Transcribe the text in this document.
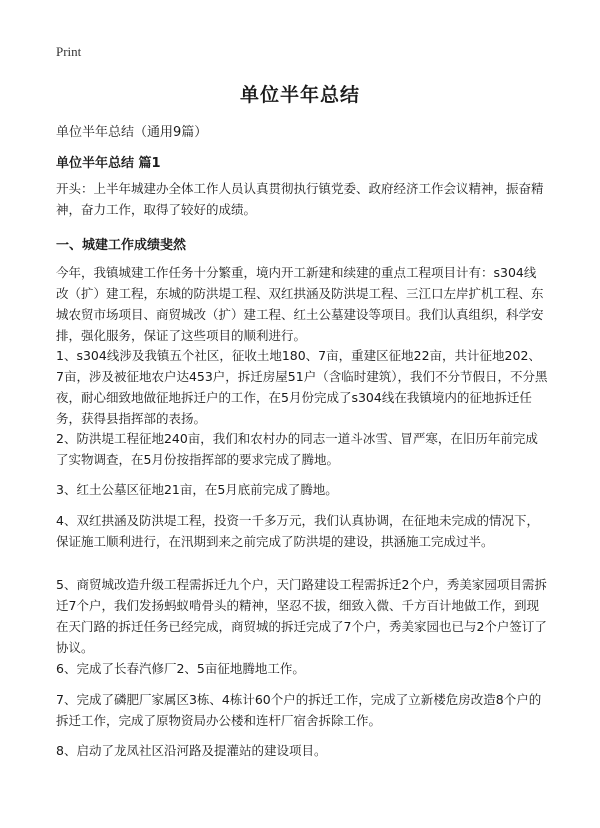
Print
单位半年总结
单位半年总结（通用9篇）
单位半年总结 篇1

开头：上半年城建办全体工作人员认真贯彻执行镇党委、政府经济工作会议精神，振奋精神，奋力工作，取得了较好的成绩。

一、城建工作成绩斐然

今年，我镇城建工作任务十分繁重，境内开工新建和续建的重点工程项目计有：s304线改（扩）建工程，东城的防洪堤工程、双红拱涵及防洪堤工程、三江口左岸扩机工程、东城农贸市场项目、商贸城改（扩）建工程、红土公墓建设等项目。我们认真组织，科学安排，强化服务，保证了这些项目的顺利进行。

1、s304线涉及我镇五个社区，征收土地180、7亩，重建区征地22亩，共计征地202、7亩，涉及被征地农户达453户，拆迁房屋51户（含临时建筑），我们不分节假日，不分黑夜，耐心细致地做征地拆迁户的工作，在5月份完成了s304线在我镇境内的征地拆迁任务，获得县指挥部的表扬。

2、防洪堤工程征地240亩，我们和农村办的同志一道斗冰雪、冒严寒，在旧历年前完成了实物调查，在5月份按指挥部的要求完成了腾地。

3、红土公墓区征地21亩，在5月底前完成了腾地。

4、双红拱涵及防洪堤工程，投资一千多万元，我们认真协调，在征地未完成的情况下，保证施工顺利进行，在汛期到来之前完成了防洪堤的建设，拱涵施工完成过半。

5、商贸城改造升级工程需拆迁九个户，天门路建设工程需拆迁2个户，秀美家园项目需拆迁7个户，我们发扬蚂蚁啃骨头的精神，坚忍不拔，细致入微、千方百计地做工作，到现在天门路的拆迁任务已经完成，商贸城的拆迁完成了7个户，秀美家园也已与2个户签订了协议。

6、完成了长春汽修厂2、5亩征地腾地工作。

7、完成了磷肥厂家属区3栋、4栋计60个户的拆迁工作，完成了立新楼危房改造8个户的拆迁工作，完成了原物资局办公楼和连杆厂宿舍拆除工作。

8、启动了龙凤社区沿河路及提灌站的建设项目。
